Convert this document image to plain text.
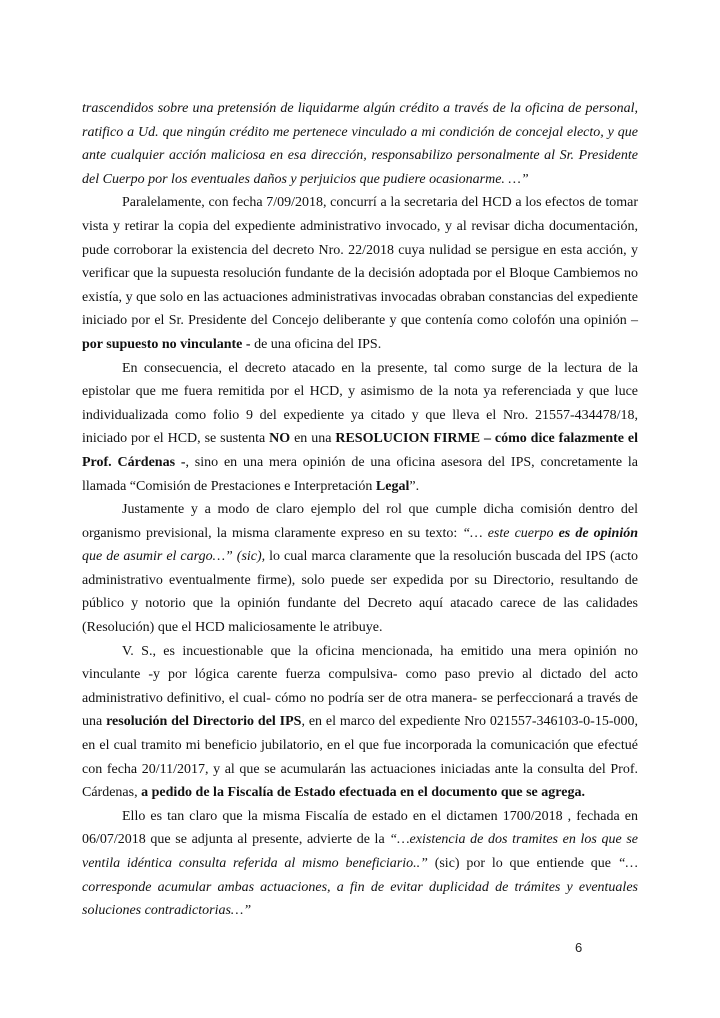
trascendidos sobre una pretensión de liquidarme algún crédito a través de la oficina de personal, ratifico a Ud. que ningún crédito me pertenece vinculado a mi condición de concejal electo, y que ante cualquier acción maliciosa en esa dirección, responsabilizo personalmente al Sr. Presidente del Cuerpo por los eventuales daños y perjuicios que pudiere ocasionarme. …”

Paralelamente, con fecha 7/09/2018, concurrí a la secretaria del HCD a los efectos de tomar vista y retirar la copia del expediente administrativo invocado, y al revisar dicha documentación, pude corroborar la existencia del decreto Nro. 22/2018 cuya nulidad se persigue en esta acción, y verificar que la supuesta resolución fundante de la decisión adoptada por el Bloque Cambiemos no existía, y que solo en las actuaciones administrativas invocadas obraban constancias del expediente iniciado por el Sr. Presidente del Concejo deliberante y que contenía como colofón una opinión – por supuesto no vinculante - de una oficina del IPS.

En consecuencia, el decreto atacado en la presente, tal como surge de la lectura de la epistolar que me fuera remitida por el HCD, y asimismo de la nota ya referenciada y que luce individualizada como folio 9 del expediente ya citado y que lleva el Nro. 21557-434478/18, iniciado por el HCD, se sustenta NO en una RESOLUCION FIRME – cómo dice falazmente el Prof. Cárdenas -, sino en una mera opinión de una oficina asesora del IPS, concretamente la llamada “Comisión de Prestaciones e Interpretación Legal”.

Justamente y a modo de claro ejemplo del rol que cumple dicha comisión dentro del organismo previsional, la misma claramente expreso en su texto: “… este cuerpo es de opinión que de asumir el cargo…” (sic), lo cual marca claramente que la resolución buscada del IPS (acto administrativo eventualmente firme), solo puede ser expedida por su Directorio, resultando de público y notorio que la opinión fundante del Decreto aquí atacado carece de las calidades (Resolución) que el HCD maliciosamente le atribuye.

V. S., es incuestionable que la oficina mencionada, ha emitido una mera opinión no vinculante -y por lógica carente fuerza compulsiva- como paso previo al dictado del acto administrativo definitivo, el cual- cómo no podría ser de otra manera- se perfeccionará a través de una resolución del Directorio del IPS, en el marco del expediente Nro 021557-346103-0-15-000, en el cual tramito mi beneficio jubilatorio, en el que fue incorporada la comunicación que efectué con fecha 20/11/2017, y al que se acumularán las actuaciones iniciadas ante la consulta del Prof. Cárdenas, a pedido de la Fiscalía de Estado efectuada en el documento que se agrega.

Ello es tan claro que la misma Fiscalía de estado en el dictamen 1700/2018 , fechada en 06/07/2018 que se adjunta al presente, advierte de la “…existencia de dos tramites en los que se ventila idéntica consulta referida al mismo beneficiario..” (sic) por lo que entiende que “… corresponde acumular ambas actuaciones, a fin de evitar duplicidad de trámites y eventuales soluciones contradictorias…”

6
